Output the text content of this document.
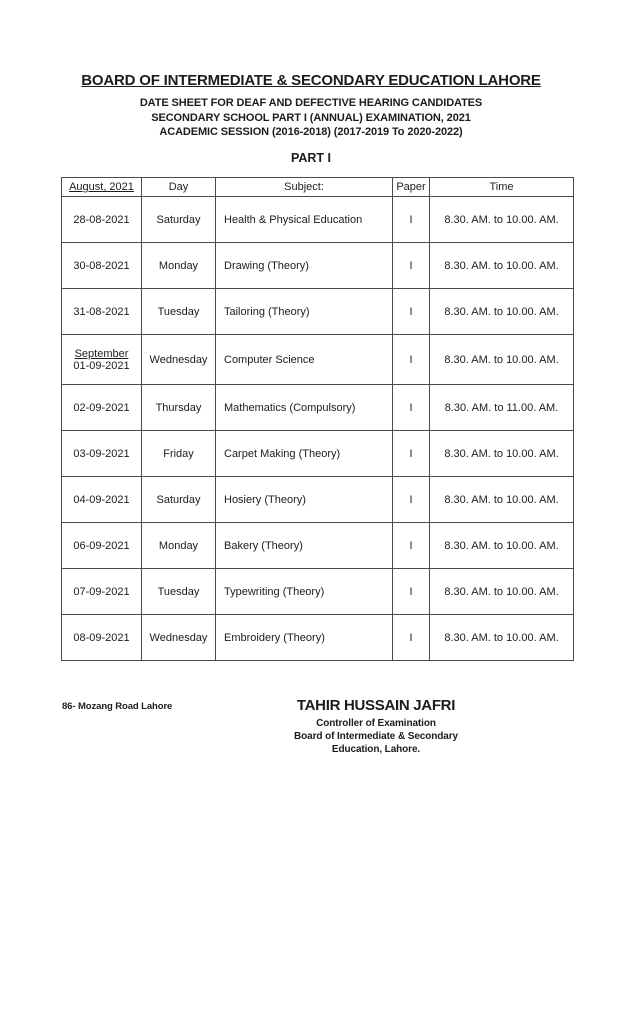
BOARD OF INTERMEDIATE & SECONDARY EDUCATION LAHORE
DATE SHEET FOR DEAF AND DEFECTIVE HEARING CANDIDATES
SECONDARY SCHOOL PART I (ANNUAL) EXAMINATION, 2021
ACADEMIC SESSION (2016-2018) (2017-2019 To 2020-2022)
PART I
August, 2021	Day	Subject:	Paper	Time
28-08-2021	Saturday	Health & Physical Education	I	8.30. AM. to 10.00. AM.
30-08-2021	Monday	Drawing (Theory)	I	8.30. AM. to 10.00. AM.
31-08-2021	Tuesday	Tailoring (Theory)	I	8.30. AM. to 10.00. AM.

September
01-09-2021	Wednesday	Computer Science	I	8.30. AM. to 10.00. AM.
02-09-2021	Thursday	Mathematics (Compulsory)	I	8.30. AM. to 11.00. AM.
03-09-2021	Friday	Carpet Making (Theory)	I	8.30. AM. to 10.00. AM.
04-09-2021	Saturday	Hosiery (Theory)	I	8.30. AM. to 10.00. AM.
06-09-2021	Monday	Bakery (Theory)	I	8.30. AM. to 10.00. AM.
07-09-2021	Tuesday	Typewriting (Theory)	I	8.30. AM. to 10.00. AM.
08-09-2021	Wednesday	Embroidery (Theory)	I	8.30. AM. to 10.00. AM.
86- Mozang Road Lahore	TAHIR HUSSAIN JAFRI
Controller of Examination
Board of Intermediate & Secondary
Education, Lahore.
